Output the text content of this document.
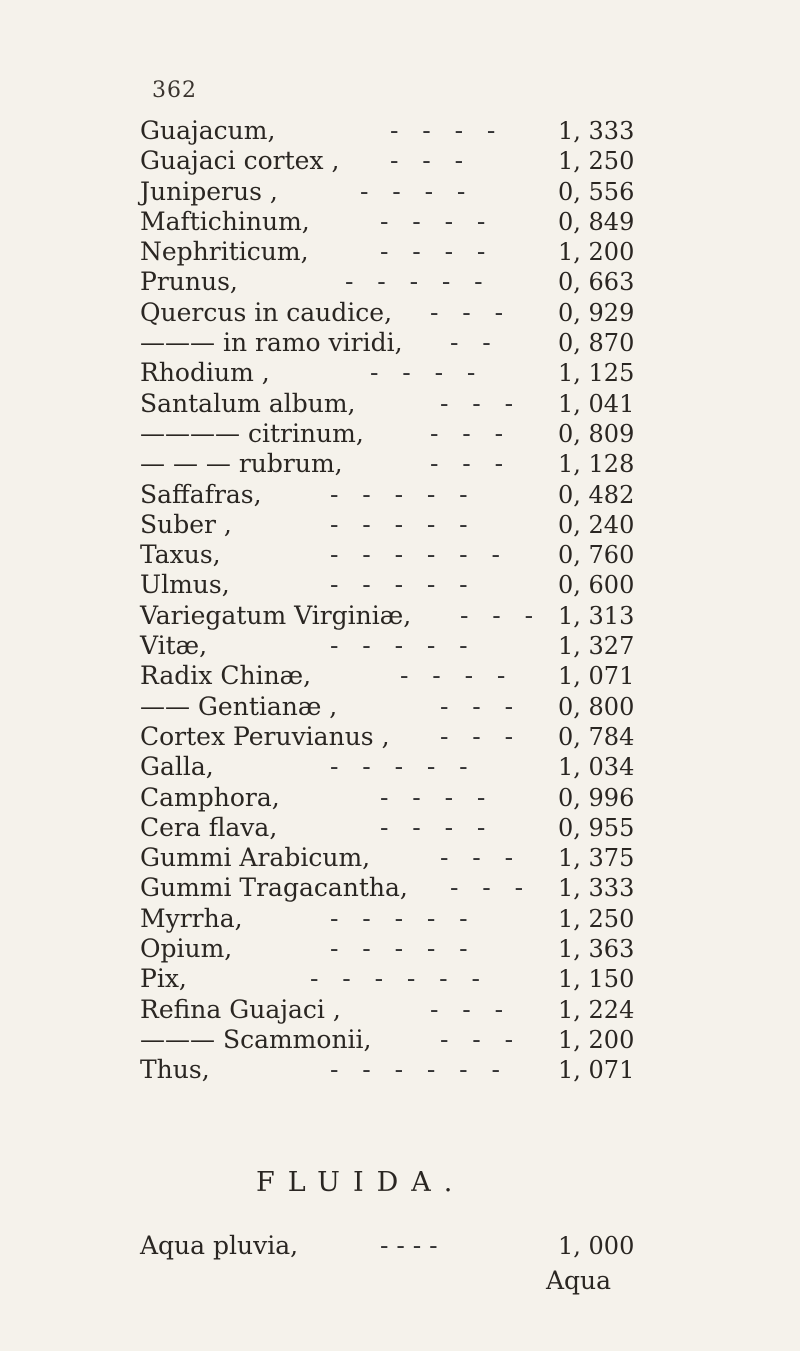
362
Guajacum,	-   -   -   -	1, 333
Guajaci cortex , -   -   -	1, 250
Juniperus ,	-   -   -   -	0, 556
Maftichinum,	-   -   -   -	0, 849
Nephriticum,	-   -   -   -	1, 200
Prunus,	-   -   -   -   -	0, 663
Quercus in caudice, -   -   - 0, 929
——— in ramo viridi, -   -	0, 870
Rhodium ,	-   -   -   -	1, 125
Santalum album,	-   -   - 1, 041
———— citrinum,	-   -   - 0, 809
— — — rubrum,	-   -   - 1, 128
Saffafras,	-   -   -   -   -	0, 482
Suber ,	-   -   -   -   -	0, 240
Taxus,	-   -   -   -   -   - 0, 760
Ulmus,	-   -   -   -   -	0, 600
Variegatum Virginiæ, -   -   - 1, 313
Vitæ,	-   -   -   -   -	1, 327
Radix Chinæ,	-   -   -   - 1, 071
—— Gentianæ ,	-   -   - 0, 800
Cortex Peruvianus , -   -   - 0, 784
Galla,	-   -   -   -   -	1, 034
Camphora,	-   -   -   -	0, 996
Cera flava,	-   -   -   -	0, 955
Gummi Arabicum,	-   -   - 1, 375
Gummi Tragacantha, -   -   - 1, 333
Myrrha,	-   -   -   -   -	1, 250
Opium,	-   -   -   -   -	1, 363
Pix,	-   -   -   -   -   -	1, 150
Refina Guajaci ,	-   -   - 1, 224
——— Scammonii,	-   -   - 1, 200
Thus,	-   -   -   -   -   - 1, 071
FLUIDA.
Aqua pluvia,	- - - -	1, 000
Aqua
